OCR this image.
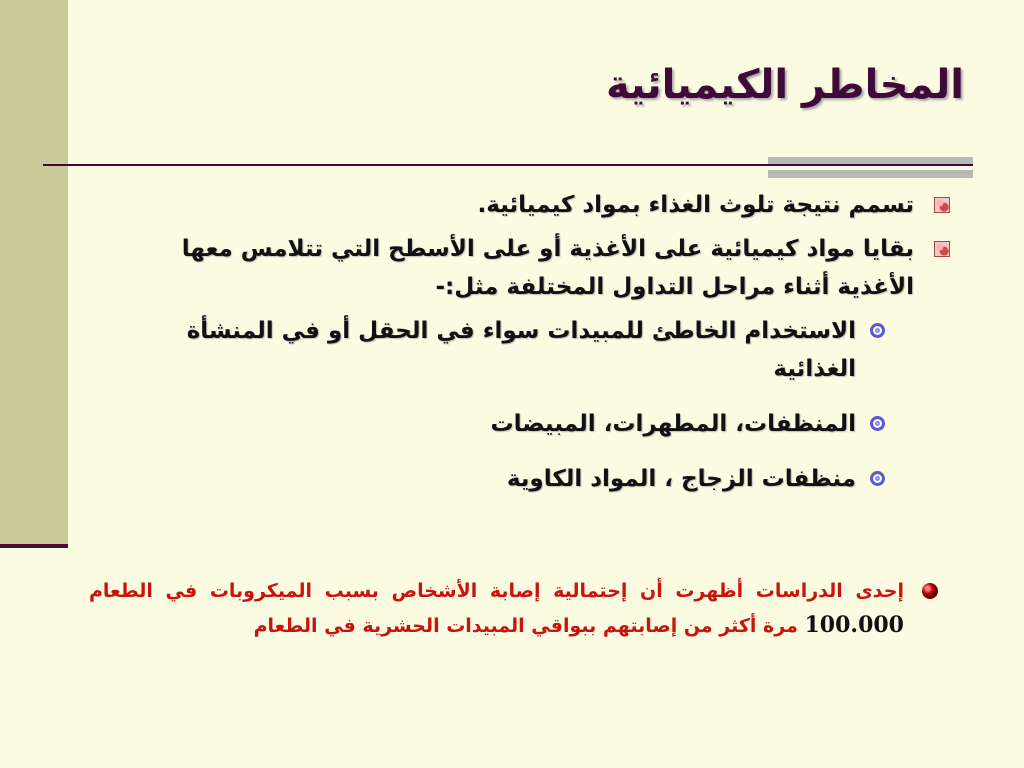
المخاطر الكيميائية
تسمم نتيجة تلوث الغذاء بمواد كيميائية.
بقايا مواد كيميائية على الأغذية أو على الأسطح التي تتلامس معها الأغذية أثناء مراحل التداول المختلفة مثل:-
الاستخدام الخاطئ للمبيدات سواء في الحقل أو في المنشأة الغذائية
المنظفات، المطهرات، المبيضات
منظفات الزجاج ، المواد الكاوية
إحدى الدراسات أظهرت أن إحتمالية إصابة الأشخاص بسبب الميكروبات في الطعام 100.000 مرة أكثر من إصابتهم ببواقي المبيدات الحشرية في الطعام
